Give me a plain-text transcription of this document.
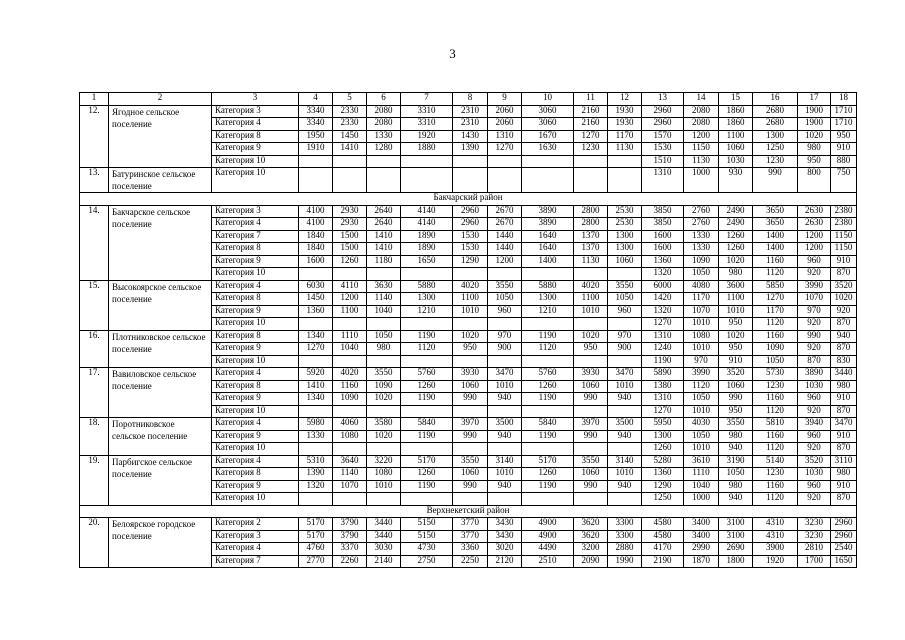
3
1	2	3	4	5	6	7	8	9	10	11	12	13	14	15	16	17	18
12.	Ягодное сельское поселение	Категория 3	3340	2330	2080	3310	2310	2060	3060	2160	1930	2960	2080	1860	2680	1900	1710
		Категория 4	3340	2330	2080	3310	2310	2060	3060	2160	1930	2960	2080	1860	2680	1900	1710
		Категория 8	1950	1450	1330	1920	1430	1310	1670	1270	1170	1570	1200	1100	1300	1020	950
		Категория 9	1910	1410	1280	1880	1390	1270	1630	1230	1130	1530	1150	1060	1250	980	910
		Категория 10										1510	1130	1030	1230	950	880
13.	Батуринское сельское поселение	Категория 10										1310	1000	930	990	800	750
Бакчарский район																	
14.	Бакчарское сельское поселение	Категория 3	4100	2930	2640	4140	2960	2670	3890	2800	2530	3850	2760	2490	3650	2630	2380
		Категория 4	4100	2930	2640	4140	2960	2670	3890	2800	2530	3850	2760	2490	3650	2630	2380
		Категория 7	1840	1500	1410	1890	1530	1440	1640	1370	1300	1600	1330	1260	1400	1200	1150
		Категория 8	1840	1500	1410	1890	1530	1440	1640	1370	1300	1600	1330	1260	1400	1200	1150
		Категория 9	1600	1260	1180	1650	1290	1200	1400	1130	1060	1360	1090	1020	1160	960	910
		Категория 10										1320	1050	980	1120	920	870
15.	Высокоярское сельское поселение	Категория 4	6030	4110	3630	5880	4020	3550	5880	4020	3550	6000	4080	3600	5850	3990	3520
		Категория 8	1450	1200	1140	1300	1100	1050	1300	1100	1050	1420	1170	1100	1270	1070	1020
		Категория 9	1360	1100	1040	1210	1010	960	1210	1010	960	1320	1070	1010	1170	970	920
		Категория 10										1270	1010	950	1120	920	870
16.	Плотниковское сельское поселение	Категория 8	1340	1110	1050	1190	1020	970	1190	1020	970	1310	1080	1020	1160	990	940
		Категория 9	1270	1040	980	1120	950	900	1120	950	900	1240	1010	950	1090	920	870
		Категория 10										1190	970	910	1050	870	830
17.	Вавиловское сельское поселение	Категория 4	5920	4020	3550	5760	3930	3470	5760	3930	3470	5890	3990	3520	5730	3890	3440
		Категория 8	1410	1160	1090	1260	1060	1010	1260	1060	1010	1380	1120	1060	1230	1030	980
		Категория 9	1340	1090	1020	1190	990	940	1190	990	940	1310	1050	990	1160	960	910
		Категория 10										1270	1010	950	1120	920	870
18.	Поротниковское сельское поселение	Категория 4	5980	4060	3580	5840	3970	3500	5840	3970	3500	5950	4030	3550	5810	3940	3470
		Категория 9	1330	1080	1020	1190	990	940	1190	990	940	1300	1050	980	1160	960	910
		Категория 10										1260	1010	940	1120	920	870
19.	Парбигское сельское поселение	Категория 4	5310	3640	3220	5170	3550	3140	5170	3550	3140	5280	3610	3190	5140	3520	3110
		Категория 8	1390	1140	1080	1260	1060	1010	1260	1060	1010	1360	1110	1050	1230	1030	980
		Категория 9	1320	1070	1010	1190	990	940	1190	990	940	1290	1040	980	1160	960	910
		Категория 10										1250	1000	940	1120	920	870
Верхнекетский район																	
20.	Белоярское городское поселение	Категория 2	5170	3790	3440	5150	3770	3430	4900	3620	3300	4580	3400	3100	4310	3230	2960
		Категория 3	5170	3790	3440	5150	3770	3430	4900	3620	3300	4580	3400	3100	4310	3230	2960
		Категория 4	4760	3370	3030	4730	3360	3020	4490	3200	2880	4170	2990	2690	3900	2810	2540
		Категория 7	2770	2260	2140	2750	2250	2120	2510	2090	1990	2190	1870	1800	1920	1700	1650
